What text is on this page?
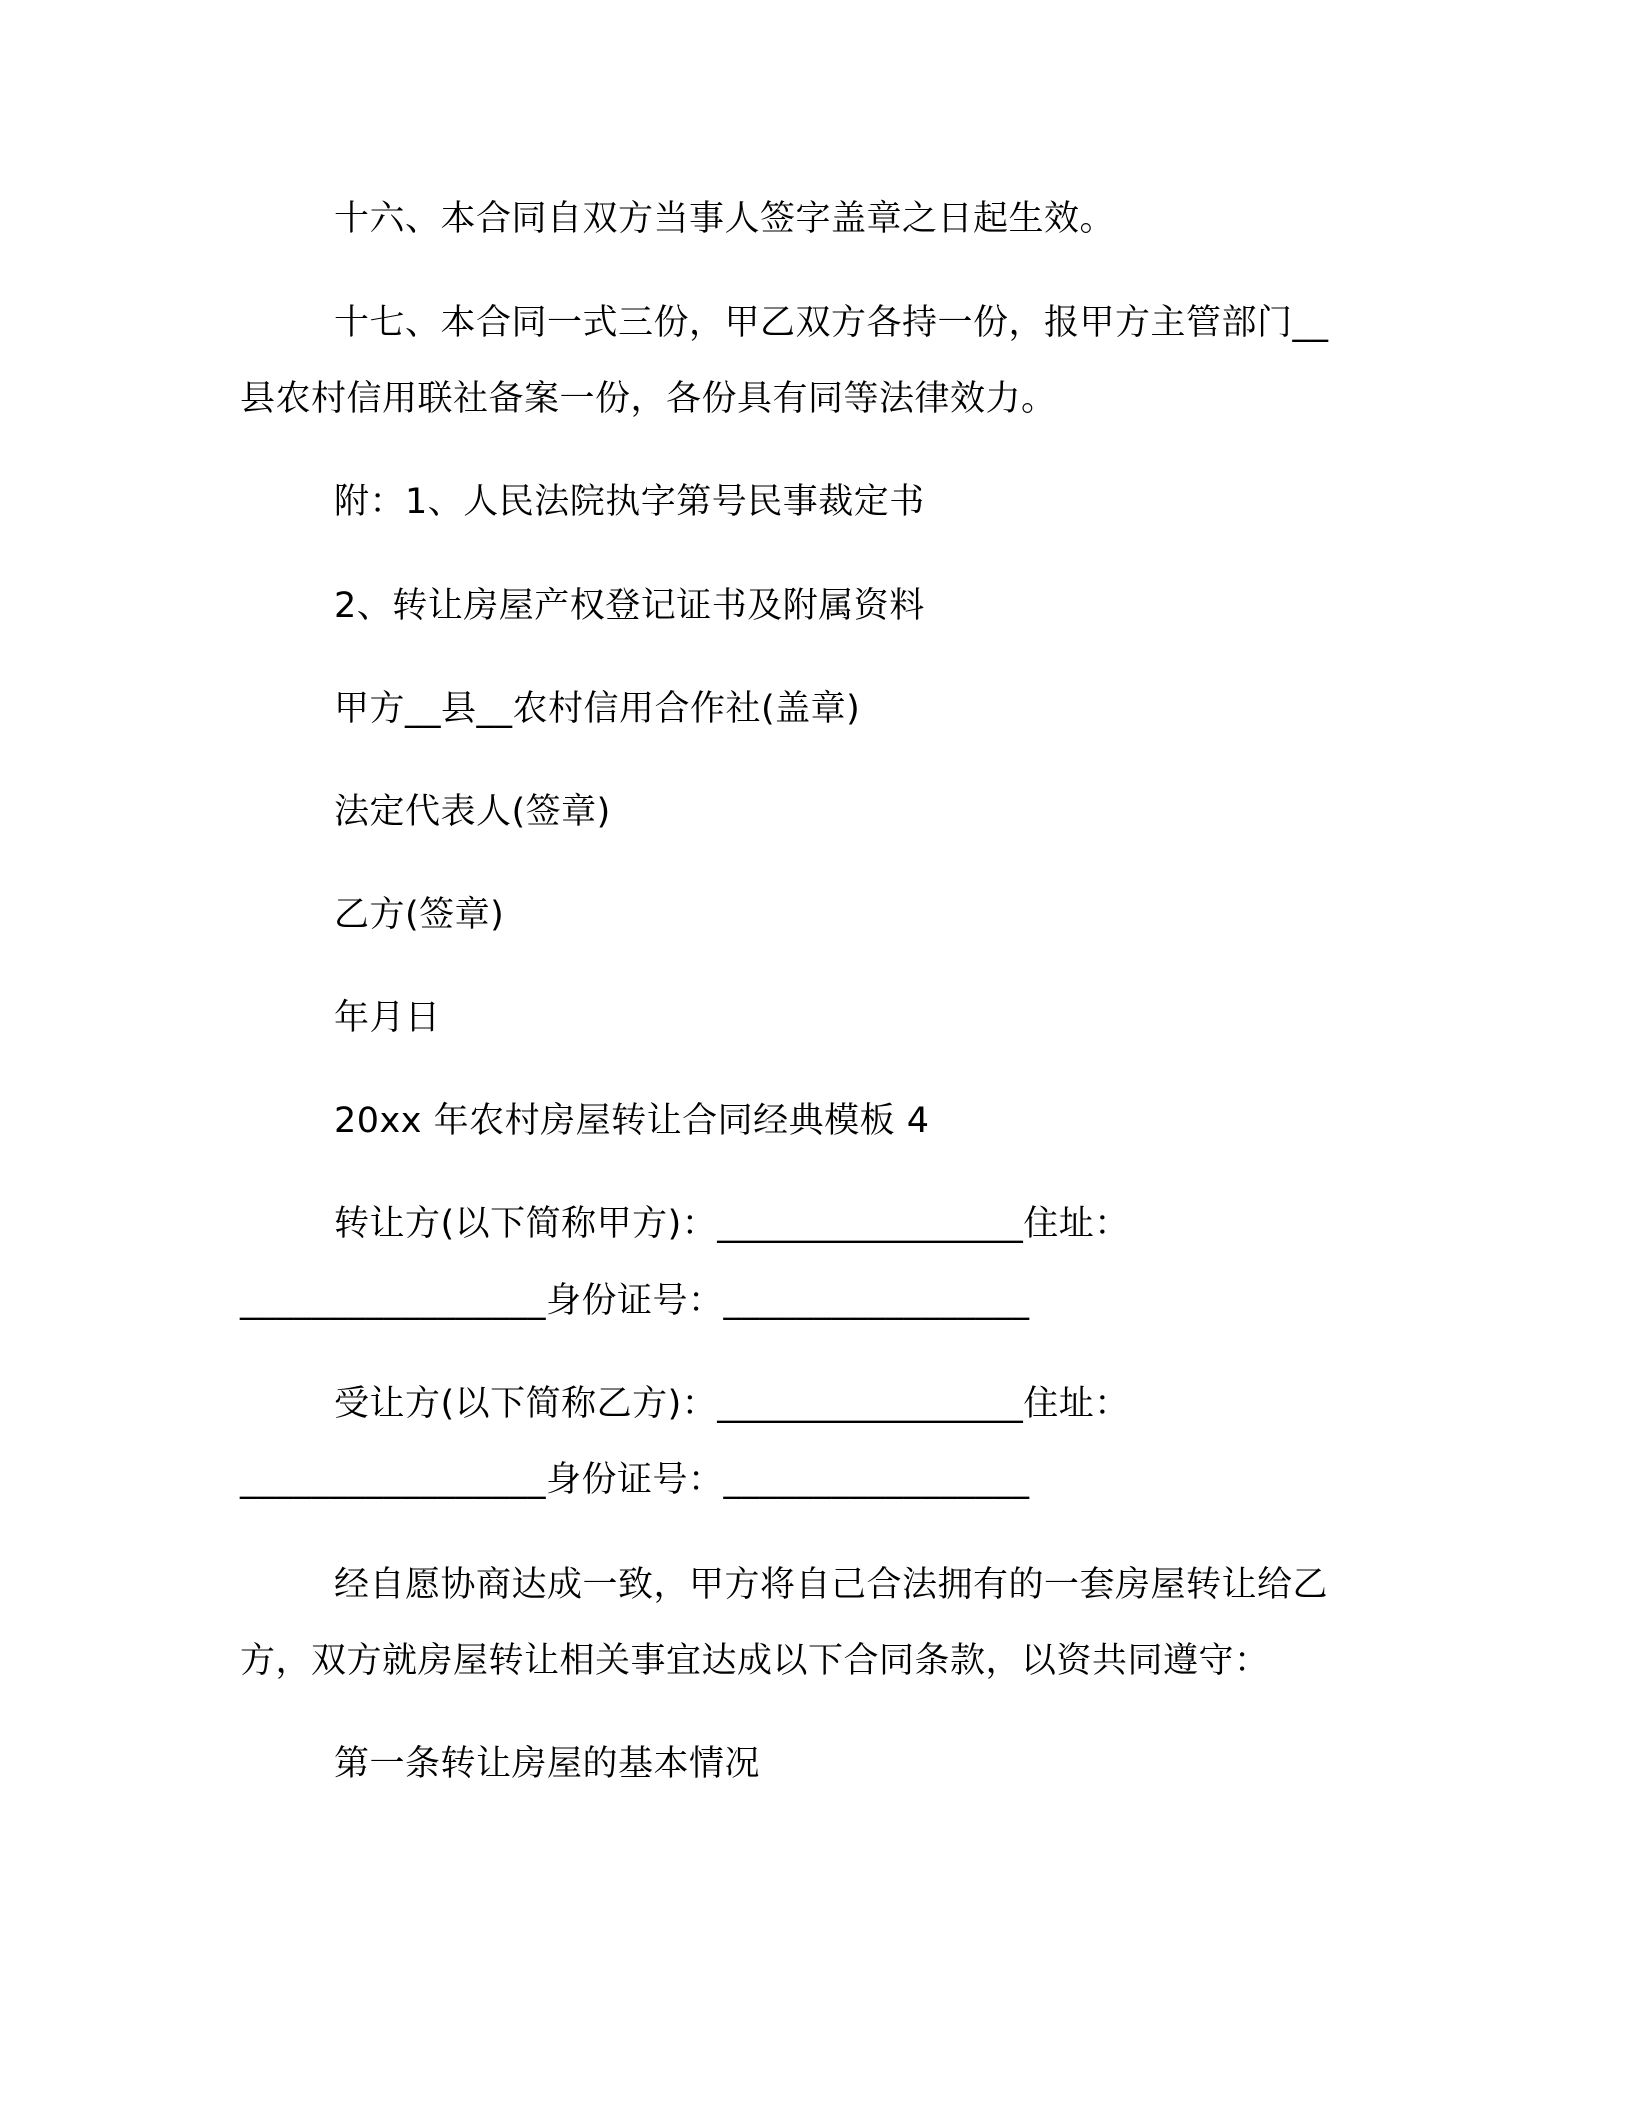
十六、本合同自双方当事人签字盖章之日起生效。
十七、本合同一式三份，甲乙双方各持一份，报甲方主管部门__
县农村信用联社备案一份，各份具有同等法律效力。
附：1、人民法院执字第号民事裁定书
2、转让房屋产权登记证书及附属资料
甲方__县__农村信用合作社(盖章)
法定代表人(签章)
乙方(签章)
年月日
20xx 年农村房屋转让合同经典模板 4
转让方(以下简称甲方)：_________________住址：
_________________身份证号：_________________
受让方(以下简称乙方)：_________________住址：
_________________身份证号：_________________
经自愿协商达成一致，甲方将自己合法拥有的一套房屋转让给乙
方，双方就房屋转让相关事宜达成以下合同条款，以资共同遵守：
第一条转让房屋的基本情况
